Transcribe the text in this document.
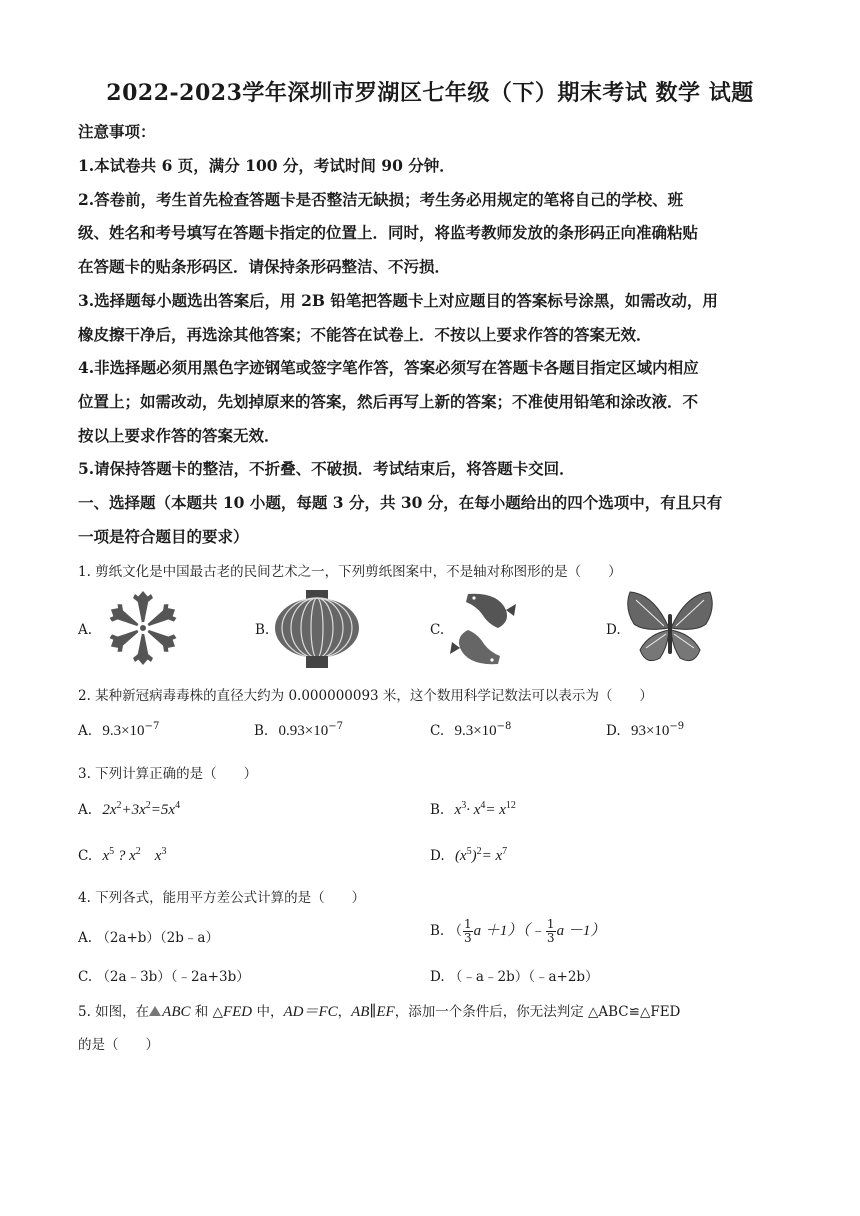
2022-2023学年深圳市罗湖区七年级（下）期末考试 数学 试题
注意事项：
1.本试卷共 6 页，满分 100 分，考试时间 90 分钟．
2.答卷前，考生首先检查答题卡是否整洁无缺损；考生务必用规定的笔将自己的学校、班
级、姓名和考号填写在答题卡指定的位置上．同时，将监考教师发放的条形码正向准确粘贴
在答题卡的贴条形码区．请保持条形码整洁、不污损．
3.选择题每小题选出答案后，用 2B 铅笔把答题卡上对应题目的答案标号涂黑，如需改动，用
橡皮擦干净后，再选涂其他答案；不能答在试卷上．不按以上要求作答的答案无效．
4.非选择题必须用黑色字迹钢笔或签字笔作答，答案必须写在答题卡各题目指定区域内相应
位置上；如需改动，先划掉原来的答案，然后再写上新的答案；不准使用铅笔和涂改液．不
按以上要求作答的答案无效．
5.请保持答题卡的整洁，不折叠、不破损．考试结束后，将答题卡交回．
一、选择题（本题共 10 小题，每题 3 分，共 30 分，在每小题给出的四个选项中，有且只有
一项是符合题目的要求）
1. 剪纸文化是中国最古老的民间艺术之一，下列剪纸图案中，不是轴对称图形的是（　　）
A.	B.	C.	D.
2. 某种新冠病毒毒株的直径大约为 0.000000093 米，这个数用科学记数法可以表示为（　　）
A. $9.3\times 10^{-7}$	B. $0.93\times 10^{-7}$	C. $9.3\times 10^{-8}$	D. $93\times 10^{-9}$
3. 下列计算正确的是（　　）
A. $2x^2+3x^2=5x^4$	B. $x^3\cdot x^4= x^{12}$
C. $x^5$ ? $x^2$ $x^3$	D. $(x^5)^2= x^7$
4. 下列各式，能用平方差公式计算的是（　　）
A. （2a+b）（2b﹣a）	B. （ $\frac{1}{3}$ a ＋1）（﹣ $\frac{1}{3}$ a －1）
C. （2a﹣3b）（﹣2a+3b）	D. （﹣a﹣2b）（﹣a+2b）
5. 如图，在 ABC 和 △FED 中，AD＝FC，AB∥EF，添加一个条件后，你无法判定 △ABC≌△FED
的是（　　）
